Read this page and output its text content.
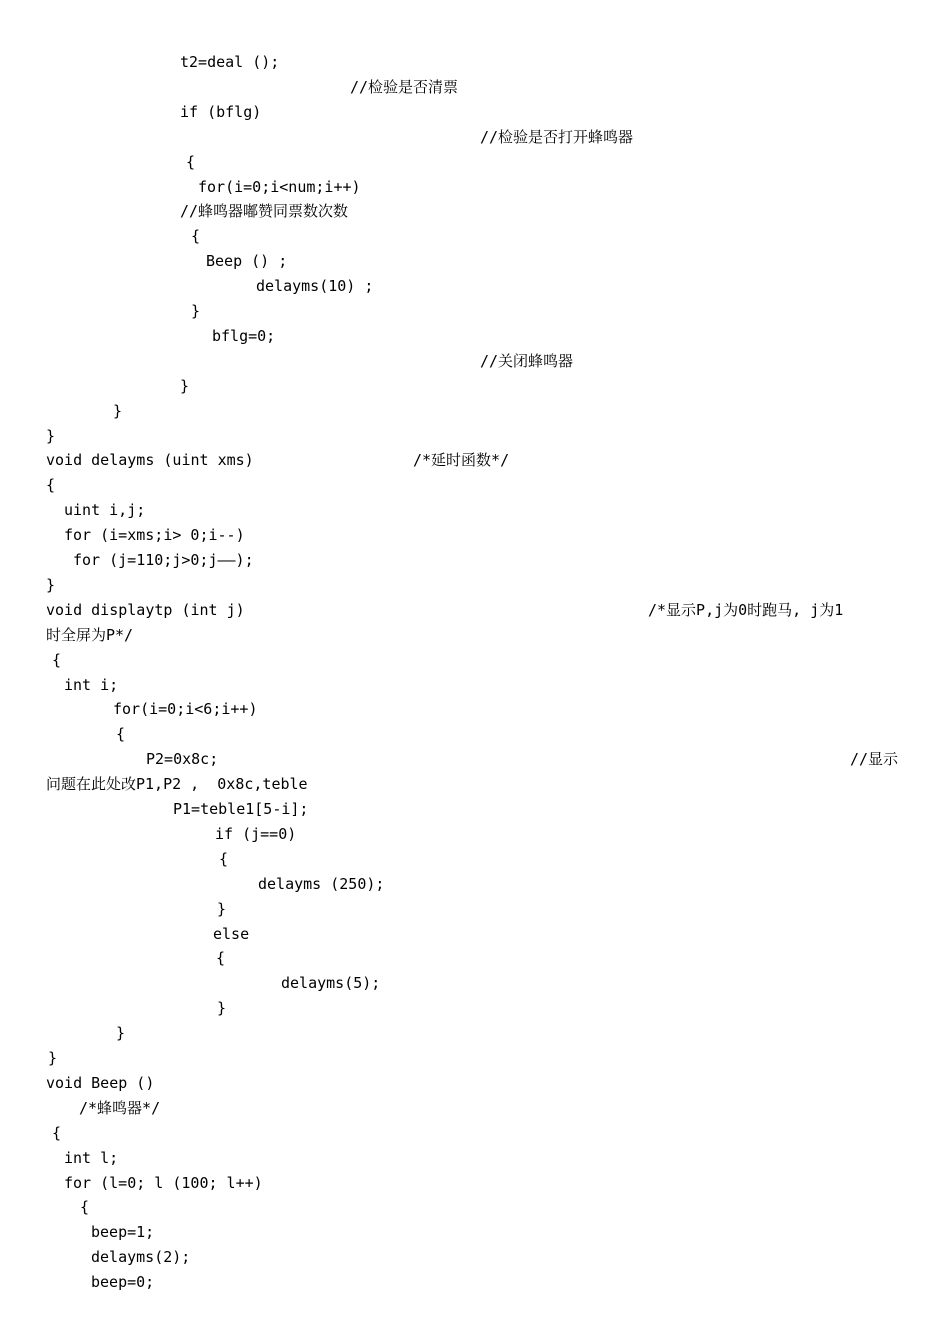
t2=deal ();
//检验是否清票
if (bflg)
//检验是否打开蜂鸣器
{
for(i=0;i<num;i++)
//蜂鸣器嘟赞同票数次数
{
Beep () ;
delayms(10) ;
}
bflg=0;
//关闭蜂鸣器
}
}
}
void delayms (uint xms)	/*延时函数*/
{
uint i,j;
for (i=xms;i> 0;i--)
for (j=110;j>0;j——);
}
void displaytp (int j)	/*显示P,j为0时跑马, j为1
时全屏为P*/
{
int i;
for(i=0;i<6;i++)
{
P2=0x8c;	//显示
问题在此处改P1,P2 ,  0x8c,teble
P1=teble1[5-i];
if (j==0)
{
delayms (250);
}
else
{
delayms(5);
}
}
}
void Beep ()
/*蜂鸣器*/
{
int l;
for (l=0; l (100; l++)
{
beep=1;
delayms(2);
beep=0;
